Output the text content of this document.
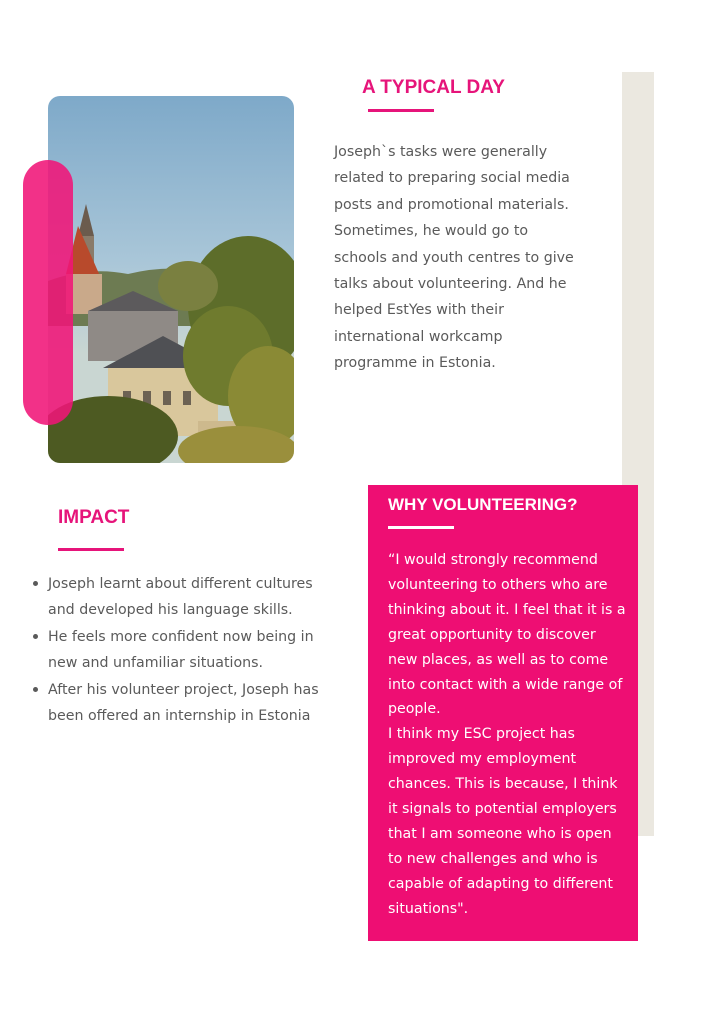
A TYPICAL DAY

Joseph`s tasks were generally related to preparing social media posts and promotional materials. Sometimes, he would go to schools and youth centres to give talks about volunteering. And he helped EstYes with their international workcamp programme in Estonia.

IMPACT
Joseph learnt about different cultures and developed his language skills.
He feels more confident now being in new and unfamiliar situations.
After his volunteer project, Joseph has been offered an internship in Estonia
WHY VOLUNTEERING?

“I would strongly recommend volunteering to others who are thinking about it. I feel that it is a great opportunity to discover new places, as well as to come into contact with a wide range of people.

I think my ESC project has improved my employment chances. This is because, I think it signals to potential employers that I am someone who is open to new challenges and who is capable of adapting to different situations".
